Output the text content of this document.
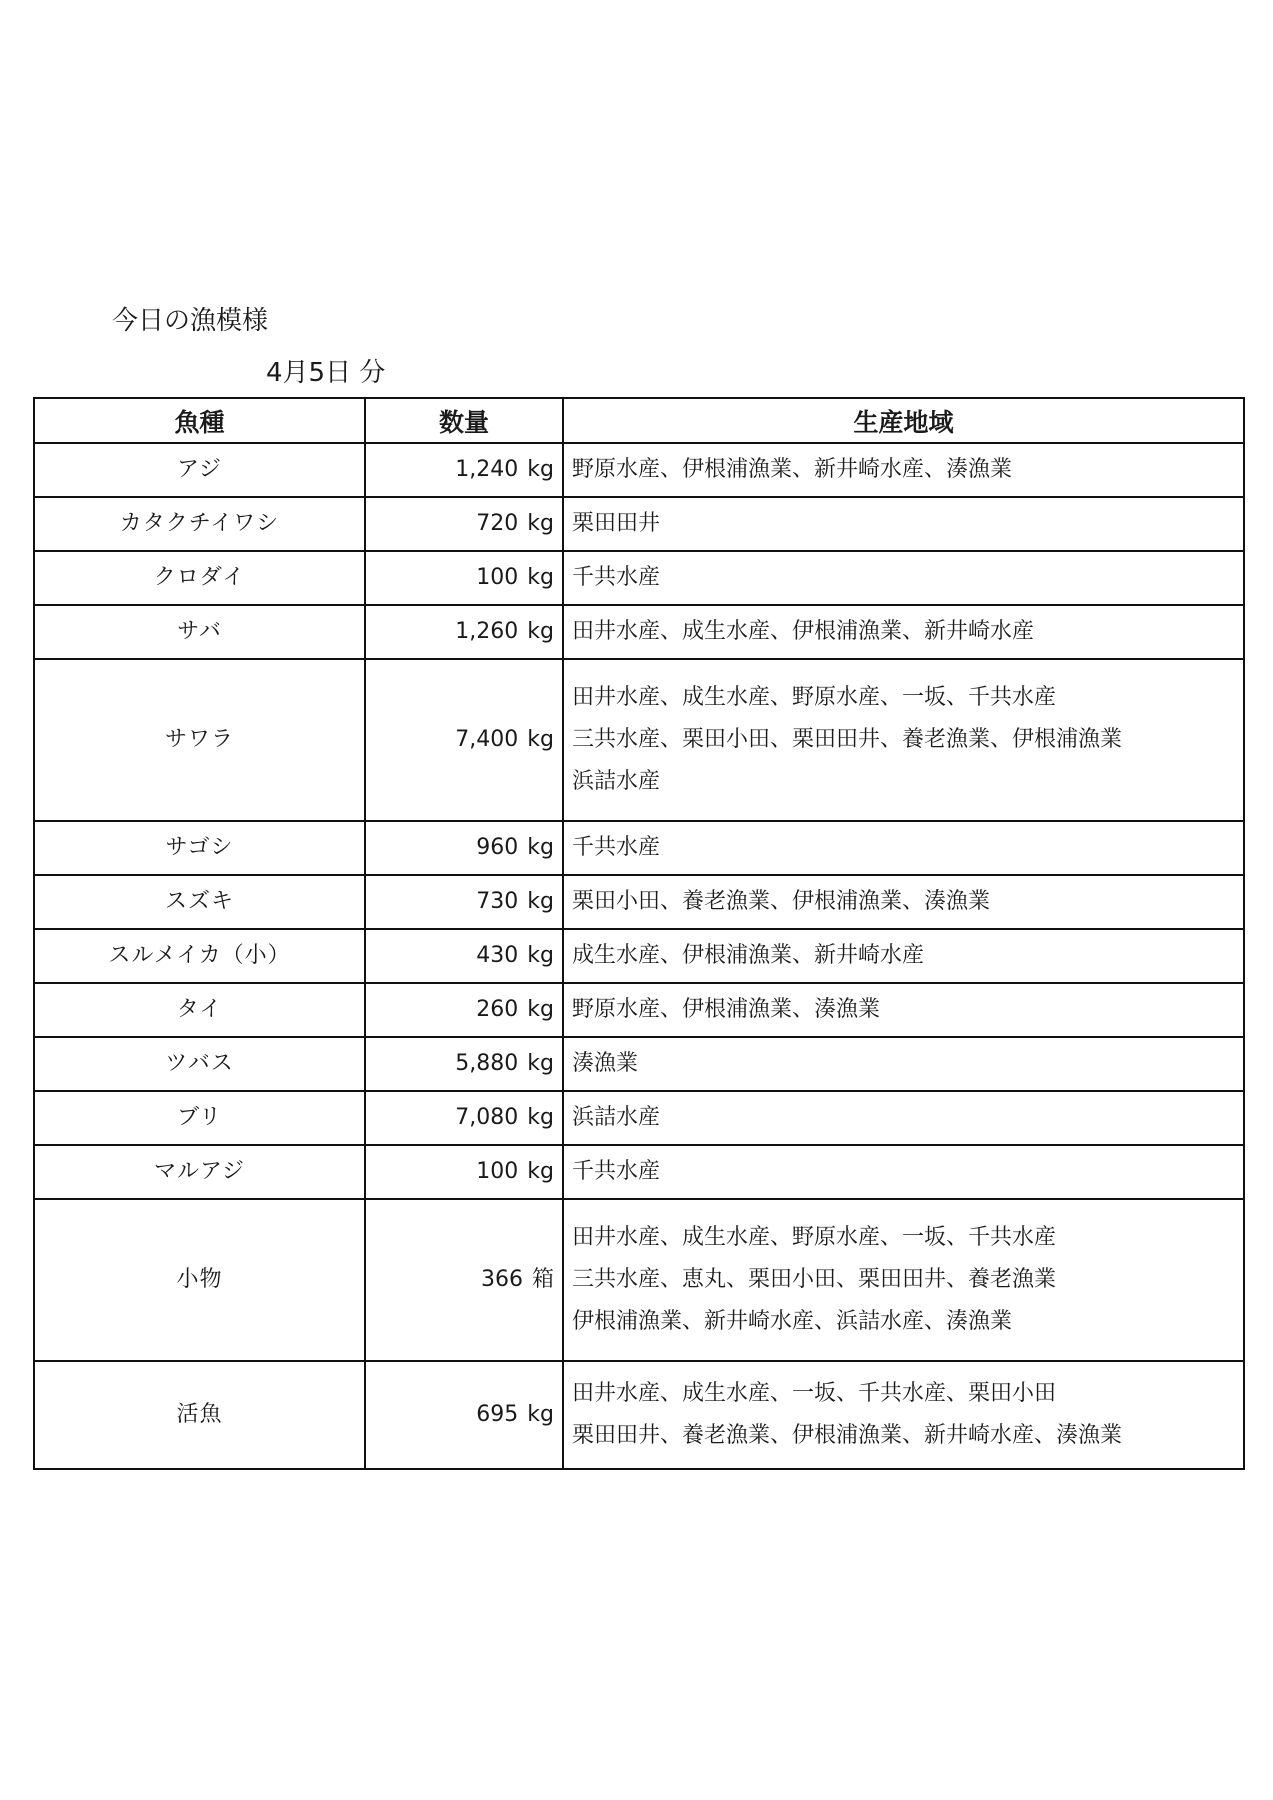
今日の漁模様
4月5日 分
魚種	数量	生産地域
アジ	1,240 kg	野原水産、伊根浦漁業、新井崎水産、湊漁業

カタクチイワシ	720 kg	栗田田井

クロダイ	100 kg	千共水産

サバ	1,260 kg	田井水産、成生水産、伊根浦漁業、新井崎水産

サワラ	7,400 kg	田井水産、成生水産、野原水産、一坂、千共水産
三共水産、栗田小田、栗田田井、養老漁業、伊根浦漁業
浜詰水産

サゴシ	960 kg	千共水産

スズキ	730 kg	栗田小田、養老漁業、伊根浦漁業、湊漁業

スルメイカ（小）	430 kg	成生水産、伊根浦漁業、新井崎水産

タイ	260 kg	野原水産、伊根浦漁業、湊漁業

ツバス	5,880 kg	湊漁業

ブリ	7,080 kg	浜詰水産

マルアジ	100 kg	千共水産

小物	366 箱	田井水産、成生水産、野原水産、一坂、千共水産
三共水産、恵丸、栗田小田、栗田田井、養老漁業
伊根浦漁業、新井崎水産、浜詰水産、湊漁業

活魚	695 kg	田井水産、成生水産、一坂、千共水産、栗田小田
栗田田井、養老漁業、伊根浦漁業、新井崎水産、湊漁業
